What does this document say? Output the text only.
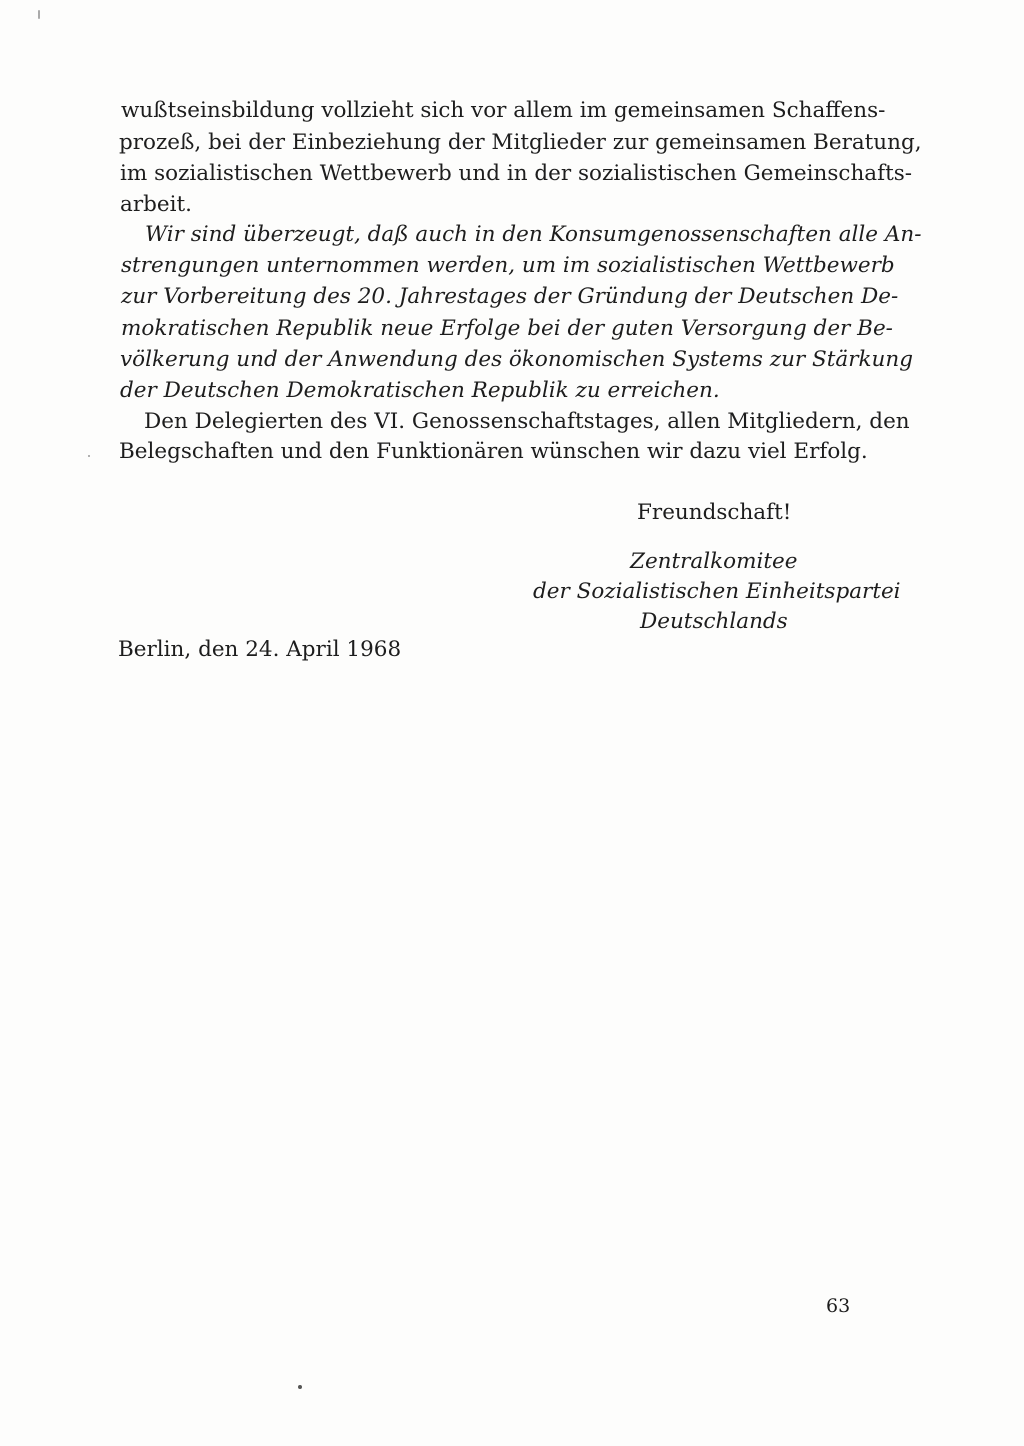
wußtseinsbildung vollzieht sich vor allem im gemeinsamen Schaffens-
prozeß, bei der Einbeziehung der Mitglieder zur gemeinsamen Beratung,
im sozialistischen Wettbewerb und in der sozialistischen Gemeinschafts-
arbeit.
Wir sind überzeugt, daß auch in den Konsumgenossenschaften alle An-
strengungen unternommen werden, um im sozialistischen Wettbewerb
zur Vorbereitung des 20. Jahrestages der Gründung der Deutschen De-
mokratischen Republik neue Erfolge bei der guten Versorgung der Be-
völkerung und der Anwendung des ökonomischen Systems zur Stärkung
der Deutschen Demokratischen Republik zu erreichen.
Den Delegierten des VI. Genossenschaftstages, allen Mitgliedern, den
Belegschaften und den Funktionären wünschen wir dazu viel Erfolg.
Freundschaft!
Zentralkomitee
der Sozialistischen Einheitspartei
Deutschlands
Berlin, den 24. April 1968
63
